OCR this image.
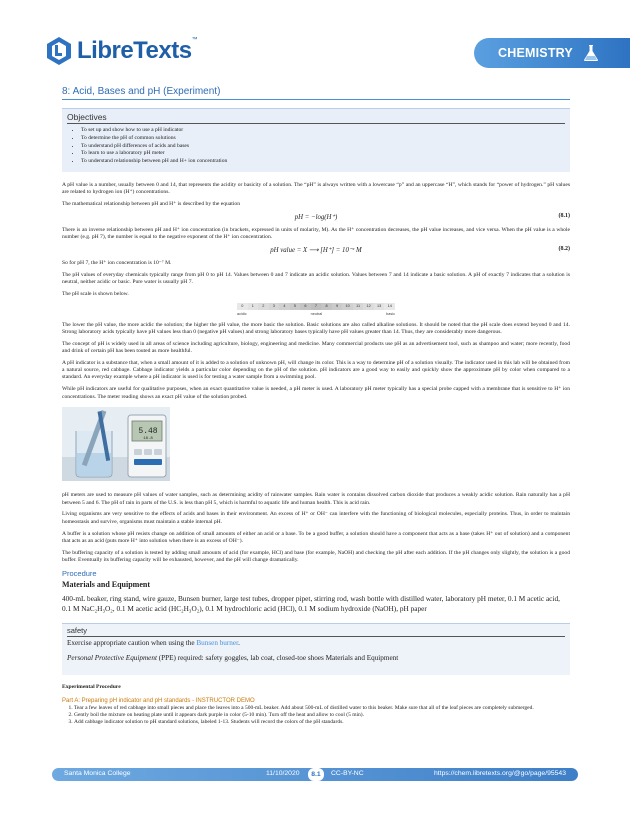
LibreTexts™
CHEMISTRY
8: Acid, Bases and pH (Experiment)
Objectives
• To set up and show how to use a pH indicator
• To determine the pH of common solutions
• To understand pH differences of acids and bases
• To learn to use a laboratory pH meter
• To understand relationship between pH and H+ ion concentration

A pH value is a number, usually between 0 and 14, that represents the acidity or basicity of a solution. The “pH” is always written with a lowercase “p” and an uppercase “H”, which stands for “power of hydrogen.” pH values are related to hydrogen ion (H⁺) concentrations.

The mathematical relationship between pH and H⁺ is described by the equation

pH = −log(H⁺)	(8.1)

There is an inverse relationship between pH and H⁺ ion concentration (in brackets, expressed in units of molarity, M). As the H⁺ concentration decreases, the pH value increases, and vice versa. When the pH value is a whole number (e.g. pH 7), the number is equal to the negative exponent of the H⁺ ion concentration.

pH value = X ⟶ [H⁺] = 10⁻ˣ M	(8.2)

So for pH 7, the H⁺ ion concentration is 10⁻⁷ M.

The pH values of everyday chemicals typically range from pH 0 to pH 14. Values between 0 and 7 indicate an acidic solution. Values between 7 and 14 indicate a basic solution. A pH of exactly 7 indicates that a solution is neutral, neither acidic or basic. Pure water is usually pH 7.

The pH scale is shown below.

0	1	2	3	4	5	6	7	8	9	10	11	12	13	14
acidic	neutral	basic

The lower the pH value, the more acidic the solution; the higher the pH value, the more basic the solution. Basic solutions are also called alkaline solutions. It should be noted that the pH scale does extend beyond 0 and 14. Strong laboratory acids typically have pH values less than 0 (negative pH values) and strong laboratory bases typically have pH values greater than 14. Thus, they are considerably more dangerous.

The concept of pH is widely used in all areas of science including agriculture, biology, engineering and medicine. Many commercial products use pH as an advertisement tool, such as shampoo and water; more recently, food and drink of certain pH has been touted as more healthful.

A pH indicator is a substance that, when a small amount of it is added to a solution of unknown pH, will change its color. This is a way to determine pH of a solution visually. The indicator used in this lab will be obtained from a natural source, red cabbage. Cabbage indicator yields a particular color depending on the pH of the solution. pH indicators are a good way to easily and quickly show the approximate pH by color when compared to a standard. An everyday example where a pH indicator is used is for testing a water sample from a swimming pool.

While pH indicators are useful for qualitative purposes, when an exact quantitative value is needed, a pH meter is used. A laboratory pH meter typically has a special probe capped with a membrane that is sensitive to H⁺ ion concentrations. The meter reading shows an exact pH value of the solution probed.

5.48
18.8

pH meters are used to measure pH values of water samples, such as determining acidity of rainwater samples. Rain water is contains dissolved carbon dioxide that produces a weakly acidic solution. Rain naturally has a pH between 5 and 6. The pH of rain in parts of the U.S. is less than pH 5, which is harmful to aquatic life and human health. This is acid rain.

Living organisms are very sensitive to the effects of acids and bases in their environment. An excess of H⁺ or OH⁻ can interfere with the functioning of biological molecules, especially proteins. Thus, in order to maintain homeostasis and survive, organisms must maintain a stable internal pH.

A buffer is a solution whose pH resists change on addition of small amounts of either an acid or a base. To be a good buffer, a solution should have a component that acts as a base (takes H⁺ out of solution) and a component that acts as an acid (puts more H⁺ into solution when there is an excess of OH⁻).

The buffering capacity of a solution is tested by adding small amounts of acid (for example, HCl) and base (for example, NaOH) and checking the pH after each addition. If the pH changes only slightly, the solution is a good buffer. Eventually its buffering capacity will be exhausted, however, and the pH will change dramatically.

Procedure
Materials and Equipment

400-mL beaker, ring stand, wire gauze, Bunsen burner, large test tubes, dropper pipet, stirring rod, wash bottle with distilled water, laboratory pH meter, 0.1 M acetic acid, 0.1 M NaC₂H₃O₂, 0.1 M acetic acid (HC₂H₃O₂), 0.1 M hydrochloric acid (HCl), 0.1 M sodium hydroxide (NaOH), pH paper

safety

Exercise appropriate caution when using the Bunsen burner.

Personal Protective Equipment (PPE) required: safety goggles, lab coat, closed-toe shoes Materials and Equipment

Experimental Procedure
Part A: Preparing pH indicator and pH standards - INSTRUCTOR DEMO
1. Tear a few leaves of red cabbage into small pieces and place the leaves into a 500-mL beaker. Add about 500-mL of distilled water to this beaker. Make sure that all of the leaf pieces are completely submerged.
2. Gently boil the mixture on heating plate until it appears dark purple in color (5-10 min). Turn off the heat and allow to cool (5 min).
3. Add cabbage indicator solution to pH standard solutions, labeled 1-13. Students will record the colors of the pH standards.
Santa Monica College	11/10/2020	8.1	CC-BY-NC	https://chem.libretexts.org/@go/page/95543
